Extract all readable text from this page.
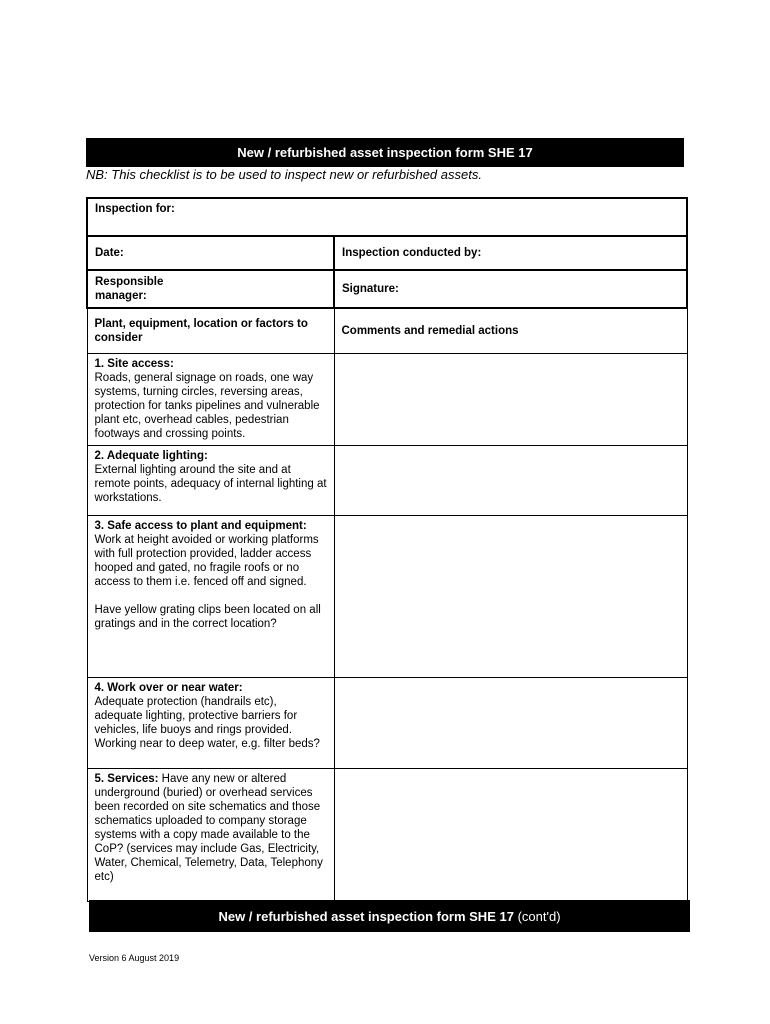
New / refurbished asset inspection form SHE 17
NB: This checklist is to be used to inspect new or refurbished assets.
Inspection for:	

Date:	Inspection conducted by:

Responsible manager:	Signature:
Plant, equipment, location or factors to consider	Comments and remedial actions

1. Site access:
Roads, general signage on roads, one way systems, turning circles, reversing areas, protection for tanks pipelines and vulnerable plant etc, overhead cables, pedestrian footways and crossing points.	

2. Adequate lighting:
External lighting around the site and at remote points, adequacy of internal lighting at workstations.	

3. Safe access to plant and equipment:
Work at height avoided or working platforms with full protection provided, ladder access hooped and gated, no fragile roofs or no access to them i.e. fenced off and signed.
Have yellow grating clips been located on all gratings and in the correct location?	

4. Work over or near water:
Adequate protection (handrails etc), adequate lighting, protective barriers for vehicles, life buoys and rings provided. Working near to deep water, e.g. filter beds?	

5. Services: Have any new or altered underground (buried) or overhead services been recorded on site schematics and those schematics uploaded to company storage systems with a copy made available to the CoP? (services may include Gas, Electricity, Water, Chemical, Telemetry, Data, Telephony etc)	

New / refurbished asset inspection form SHE 17
(cont'd)
Version 6 August 2019
